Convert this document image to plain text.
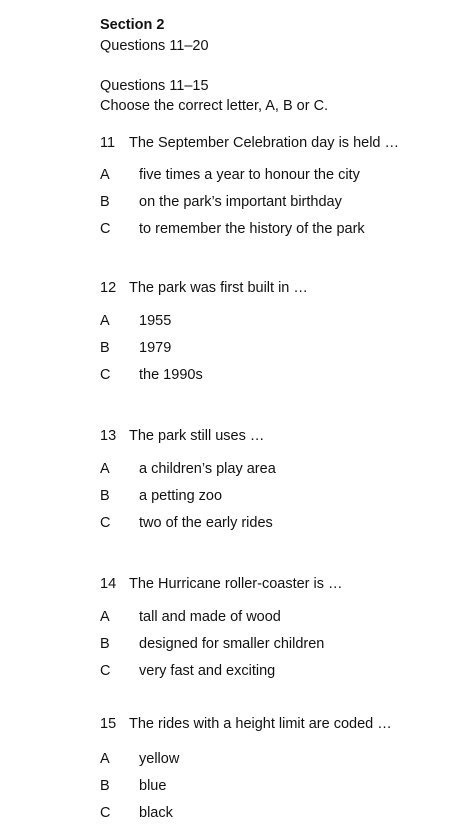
Section 2
Questions 11–20
Questions 11–15
Choose the correct letter, A, B or C.
11 The September Celebration day is held …
A five times a year to honour the city
B on the park’s important birthday
C to remember the history of the park
12 The park was first built in …
A 1955
B 1979
C the 1990s
13 The park still uses …
A a children’s play area
B a petting zoo
C two of the early rides
14 The Hurricane roller-coaster is …
A tall and made of wood
B designed for smaller children
C very fast and exciting
15 The rides with a height limit are coded …
A yellow
B blue
C black
